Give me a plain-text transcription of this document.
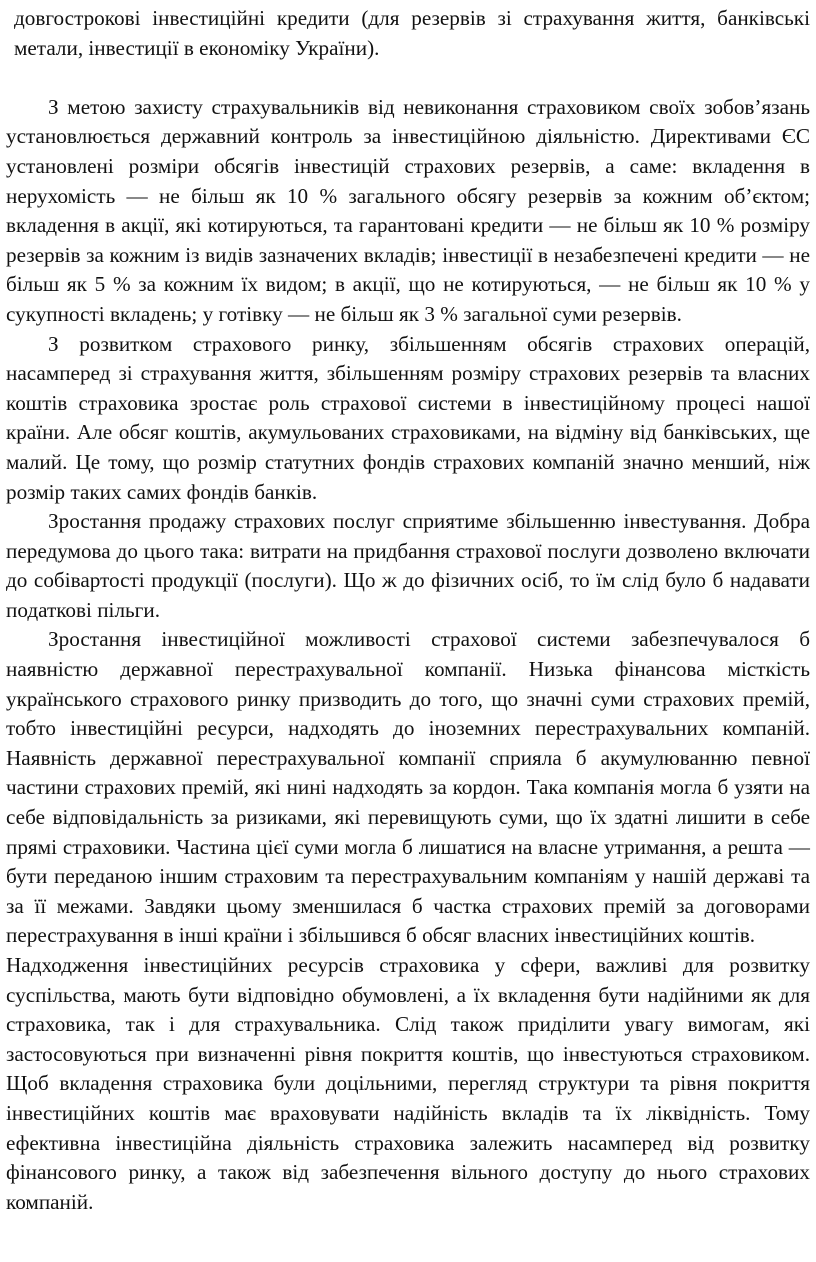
довгострокові інвестиційні кредити (для резервів зі страхування життя, банківські метали, інвестиції в економіку України).

З метою захисту страхувальників від невиконання страховиком своїх зобов’язань установлюється державний контроль за інвестиційною діяльністю. Директивами ЄС установлені розміри обсягів інвестицій страхових резервів, а саме: вкладення в нерухомість — не більш як 10 % загального обсягу резервів за кожним об’єктом; вкладення в акції, які котируються, та гарантовані кредити — не більш як 10 % розміру резервів за кожним із видів зазначених вкладів; інвестиції в незабезпечені кредити — не більш як 5 % за кожним їх видом; в акції, що не котируються, — не більш як 10 % у сукупності вкладень; у готівку — не більш як 3 % загальної суми резервів.

З розвитком страхового ринку, збільшенням обсягів страхових операцій, насамперед зі страхування життя, збільшенням розміру страхових резервів та власних коштів страховика зростає роль страхової системи в інвестиційному процесі нашої країни. Але обсяг коштів, акумульованих страховиками, на відміну від банківських, ще малий. Це тому, що розмір статутних фондів страхових компаній значно менший, ніж розмір таких самих фондів банків.

Зростання продажу страхових послуг сприятиме збільшенню інвестування. Добра передумова до цього така: витрати на придбання страхової послуги дозволено включати до собівартості продукції (послуги). Що ж до фізичних осіб, то їм слід було б надавати податкові пільги.

Зростання інвестиційної можливості страхової системи забезпечувалося б наявністю державної перестрахувальної компанії. Низька фінансова місткість українського страхового ринку призводить до того, що значні суми страхових премій, тобто інвестиційні ресурси, надходять до іноземних перестрахувальних компаній. Наявність державної перестрахувальної компанії сприяла б акумулюванню певної частини страхових премій, які нині надходять за кордон. Така компанія могла б узяти на себе відповідальність за ризиками, які перевищують суми, що їх здатні лишити в себе прямі страховики. Частина цієї суми могла б лишатися на власне утримання, а решта — бути переданою іншим страховим та перестрахувальним компаніям у нашій державі та за її межами. Завдяки цьому зменшилася б частка страхових премій за договорами перестрахування в інші країни і збільшився б обсяг власних інвестиційних коштів.

Надходження інвестиційних ресурсів страховика у сфери, важливі для розвитку суспільства, мають бути відповідно обумовлені, а їх вкладення бути надійними як для страховика, так і для страхувальника. Слід також приділити увагу вимогам, які застосовуються при визначенні рівня покриття коштів, що інвестуються страховиком. Щоб вкладення страховика були доцільними, перегляд структури та рівня покриття інвестиційних коштів має враховувати надійність вкладів та їх ліквідність. Тому ефективна інвестиційна діяльність страховика залежить насамперед від розвитку фінансового ринку, а також від забезпечення вільного доступу до нього страхових компаній.
